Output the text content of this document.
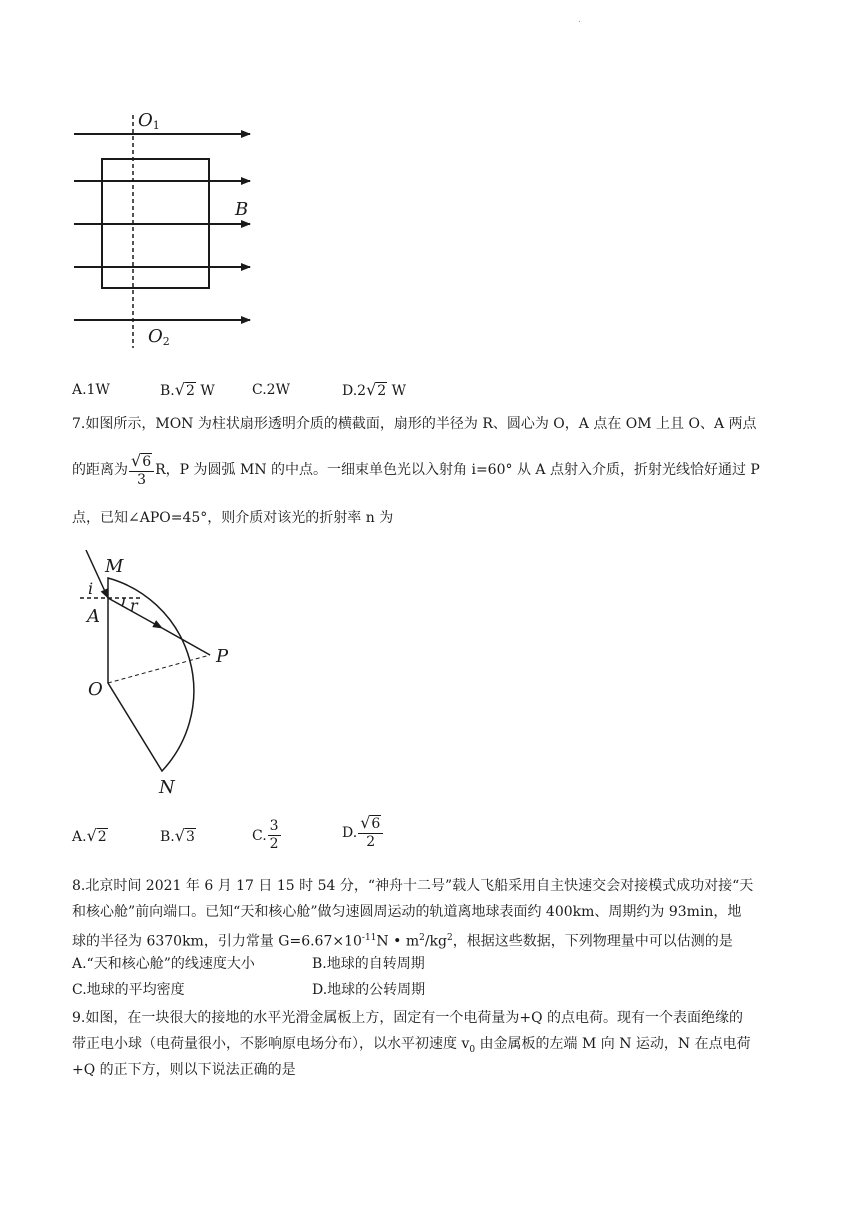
.
O1
B
O2
A.1W	B.√2 W	C.2W	D.2√2 W
7.如图所示，MON 为柱状扇形透明介质的横截面，扇形的半径为 R、圆心为 O，A 点在 OM 上且 O、A 两点
的距离为 $\frac{√6}{3}$ R，P 为圆弧 MN 的中点。一细束单色光以入射角 i=60° 从 A 点射入介质，折射光线恰好通过 P
点，已知∠APO=45°，则介质对该光的折射率 n 为
M
i
r
A
P
O
N
A.√2	B.√3	C. $\frac{3}{2}$	D. $\frac{√6}{2}$
8.北京时间 2021 年 6 月 17 日 15 时 54 分，“神舟十二号”载人飞船采用自主快速交会对接模式成功对接“天
和核心舱”前向端口。已知“天和核心舱”做匀速圆周运动的轨道离地球表面约 400km、周期约为 93min，地
球的半径为 6370km，引力常量 $G=6.67\times 10^{-11}N$ • $m^2/kg^2$，根据这些数据，下列物理量中可以估测的是
A.“天和核心舱”的线速度大小	B.地球的自转周期
C.地球的平均密度	D.地球的公转周期
9.如图，在一块很大的接地的水平光滑金属板上方，固定有一个电荷量为+Q 的点电荷。现有一个表面绝缘的
带正电小球（电荷量很小，不影响原电场分布），以水平初速度 $v_0$ 由金属板的左端 M 向 N 运动，N 在点电荷
+Q 的正下方，则以下说法正确的是
